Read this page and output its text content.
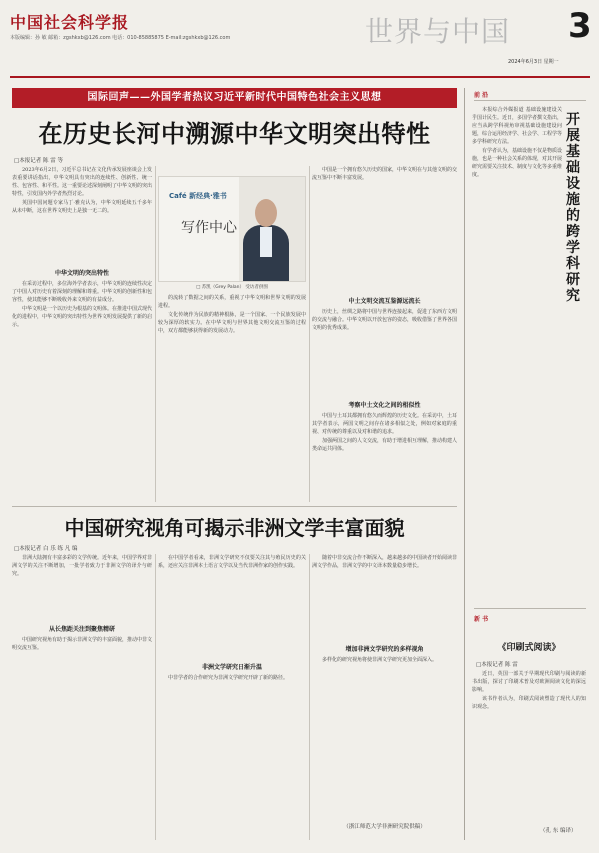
中国社会科学报
本版编辑：孙 敏 邮箱：zgshkxb@126.com 电话：010-85885875 E-mail:zgshkxb@126.com	世界与中国 3
2024年6月3日 星期一
国际回声——外国学者热议习近平新时代中国特色社会主义思想
在历史长河中溯源中华文明突出特性
□本报记者 陈 雷 等

2023年6月2日，习近平总书记在文化传承发展座谈会上发表重要讲话指出，中华文明具有突出的连续性、创新性、统一性、包容性、和平性。这一重要论述深刻阐明了中华文明的突出特性，引发国内外学者热烈讨论。

英国中国问题专家马丁·雅克认为，中华文明延续五千多年从未中断，这在世界文明史上是独一无二的。

中华文明的突出特性

在采访过程中，多位海外学者表示，中华文明的连续性决定了中国人对历史有着深刻的理解和尊重。中华文明的创新性和包容性，使其能够不断吸收外来文明的有益成分。

中华文明是一个以历史为根基的文明体。在推进中国式现代化的进程中，中华文明的突出特性为世界文明发展提供了新的启示。

Café 新经典·雅书
写作中心
□ 苏凯（Grey Palan） 受访者供图

的流转了数据之间的关系，重视了中华文明和世界文明的发展进程。

文化传统作为民族的精神根脉，是一个国家、一个民族发展中较为深厚的软实力。在中华文明与世界其他文明交流互鉴的过程中，双方都能够获得新的发展动力。

中国是一个拥有悠久历史的国家，中华文明在与其他文明的交流互鉴中不断丰富发展。

中土文明交流互鉴源远流长

历史上，丝绸之路将中国与世界连接起来，促进了东西方文明的交流与融合。中华文明以开放包容的姿态，吸收借鉴了世界各国文明的优秀成果。

考察中土文化之间的相似性

中国与土耳其都拥有悠久而辉煌的历史文化。在采访中，土耳其学者表示，两国文明之间存在诸多相似之处，例如对家庭的重视、对传统的尊重以及对和谐的追求。

加强两国之间的人文交流，有助于增进相互理解，推动构建人类命运共同体。

中国研究视角可揭示非洲文学丰富面貌
□本报记者 白 乐 练 凡 编

非洲大陆拥有丰富多彩的文学传统。近年来，中国学界对非洲文学的关注不断增加，一批学者致力于非洲文学的译介与研究。

从长焦距关注到聚焦精研

中国研究视角有助于揭示非洲文学的丰富面貌，推动中非文明交流互鉴。

在中国学者看来，非洲文学研究不仅要关注其与殖民历史的关系，还应关注非洲本土语言文学以及当代非洲作家的创作实践。

非洲文学研究日渐升温

中非学者的合作研究为非洲文学研究开辟了新的路径。

随着中非交流合作不断深入，越来越多的中国读者开始阅读非洲文学作品，非洲文学的中文译本数量稳步增长。

增加非洲文学研究的多样视角

多样化的研究视角将使非洲文学研究更加全面深入。

（浙江师范大学非洲研究院供稿）
前 沿
开展基础设施的跨学科研究

本报综合外媒报道 基础设施建设关乎国计民生。近日，多国学者撰文指出，应当从跨学科视角审视基础设施建设问题，综合运用经济学、社会学、工程学等多学科研究方法。

有学者认为，基础设施不仅是物质设施，也是一种社会关系的体现，对其开展研究需要关注技术、制度与文化等多重维度。

新 书
《印刷式阅读》
□本报记者 陈 雷

近日，英国一部关于早期现代印刷与阅读的新书出版，探讨了印刷术普及对欧洲阅读文化的深远影响。

该书作者认为，印刷式阅读塑造了现代人的知识观念。

（孔 东 编译）
